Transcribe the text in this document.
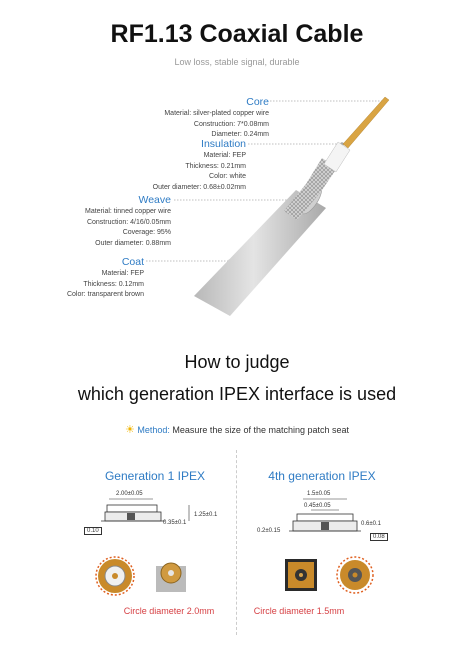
RF1.13 Coaxial Cable
Low loss, stable signal, durable
Core
Material: silver-plated copper wire
Construction: 7*0.08mm
Diameter: 0.24mm
Insulation
Material: FEP
Thickness: 0.21mm
Color: white
Outer diameter: 0.68±0.02mm
Weave
Material: tinned copper wire
Construction: 4/16/0.05mm
Coverage: 95%
Outer diameter: 0.88mm
Coat
Material: FEP
Thickness: 0.12mm
Color: transparent brown
How to judge
which generation IPEX interface is used
☀ Method: Measure the size of the matching patch seat
Generation 1 IPEX
2.00±0.05
1.25±0.1
0.35±0.1
0.10
Circle diameter 2.0mm
4th generation IPEX
1.5±0.05
0.45±0.05
0.6±0.1
0.2±0.15
0.08
Circle diameter 1.5mm
